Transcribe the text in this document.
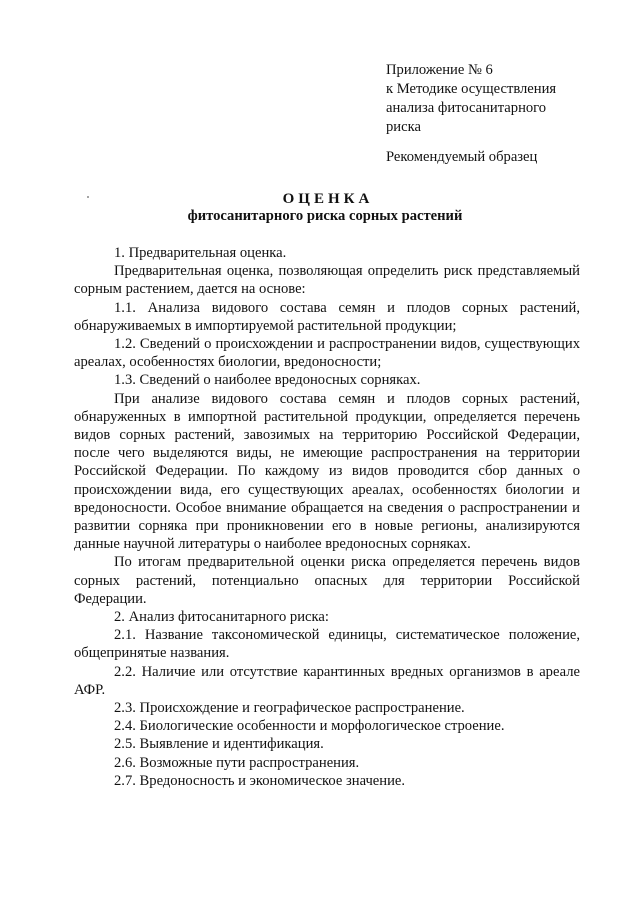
Приложение № 6
к Методике осуществления
анализа фитосанитарного
риска
Рекомендуемый образец
ОЦЕНКА
фитосанитарного риска сорных растений

1. Предварительная оценка.

Предварительная оценка, позволяющая определить риск представляемый сорным растением, дается на основе:

1.1. Анализа видового состава семян и плодов сорных растений, обнаруживаемых в импортируемой растительной продукции;

1.2. Сведений о происхождении и распространении видов, существующих ареалах, особенностях биологии, вредоносности;

1.3. Сведений о наиболее вредоносных сорняках.

При анализе видового состава семян и плодов сорных растений, обнаруженных в импортной растительной продукции, определяется перечень видов сорных растений, завозимых на территорию Российской Федерации, после чего выделяются виды, не имеющие распространения на территории Российской Федерации. По каждому из видов проводится сбор данных о происхождении вида, его существующих ареалах, особенностях биологии и вредоносности. Особое внимание обращается на сведения о распространении и развитии сорняка при проникновении его в новые регионы, анализируются данные научной литературы о наиболее вредоносных сорняках.

По итогам предварительной оценки риска определяется перечень видов сорных растений, потенциально опасных для территории Российской Федерации.

2. Анализ фитосанитарного риска:

2.1. Название таксономической единицы, систематическое положение, общепринятые названия.

2.2. Наличие или отсутствие карантинных вредных организмов в ареале АФР.

2.3. Происхождение и географическое распространение.

2.4. Биологические особенности и морфологическое строение.

2.5. Выявление и идентификация.

2.6. Возможные пути распространения.

2.7. Вредоносность и экономическое значение.
